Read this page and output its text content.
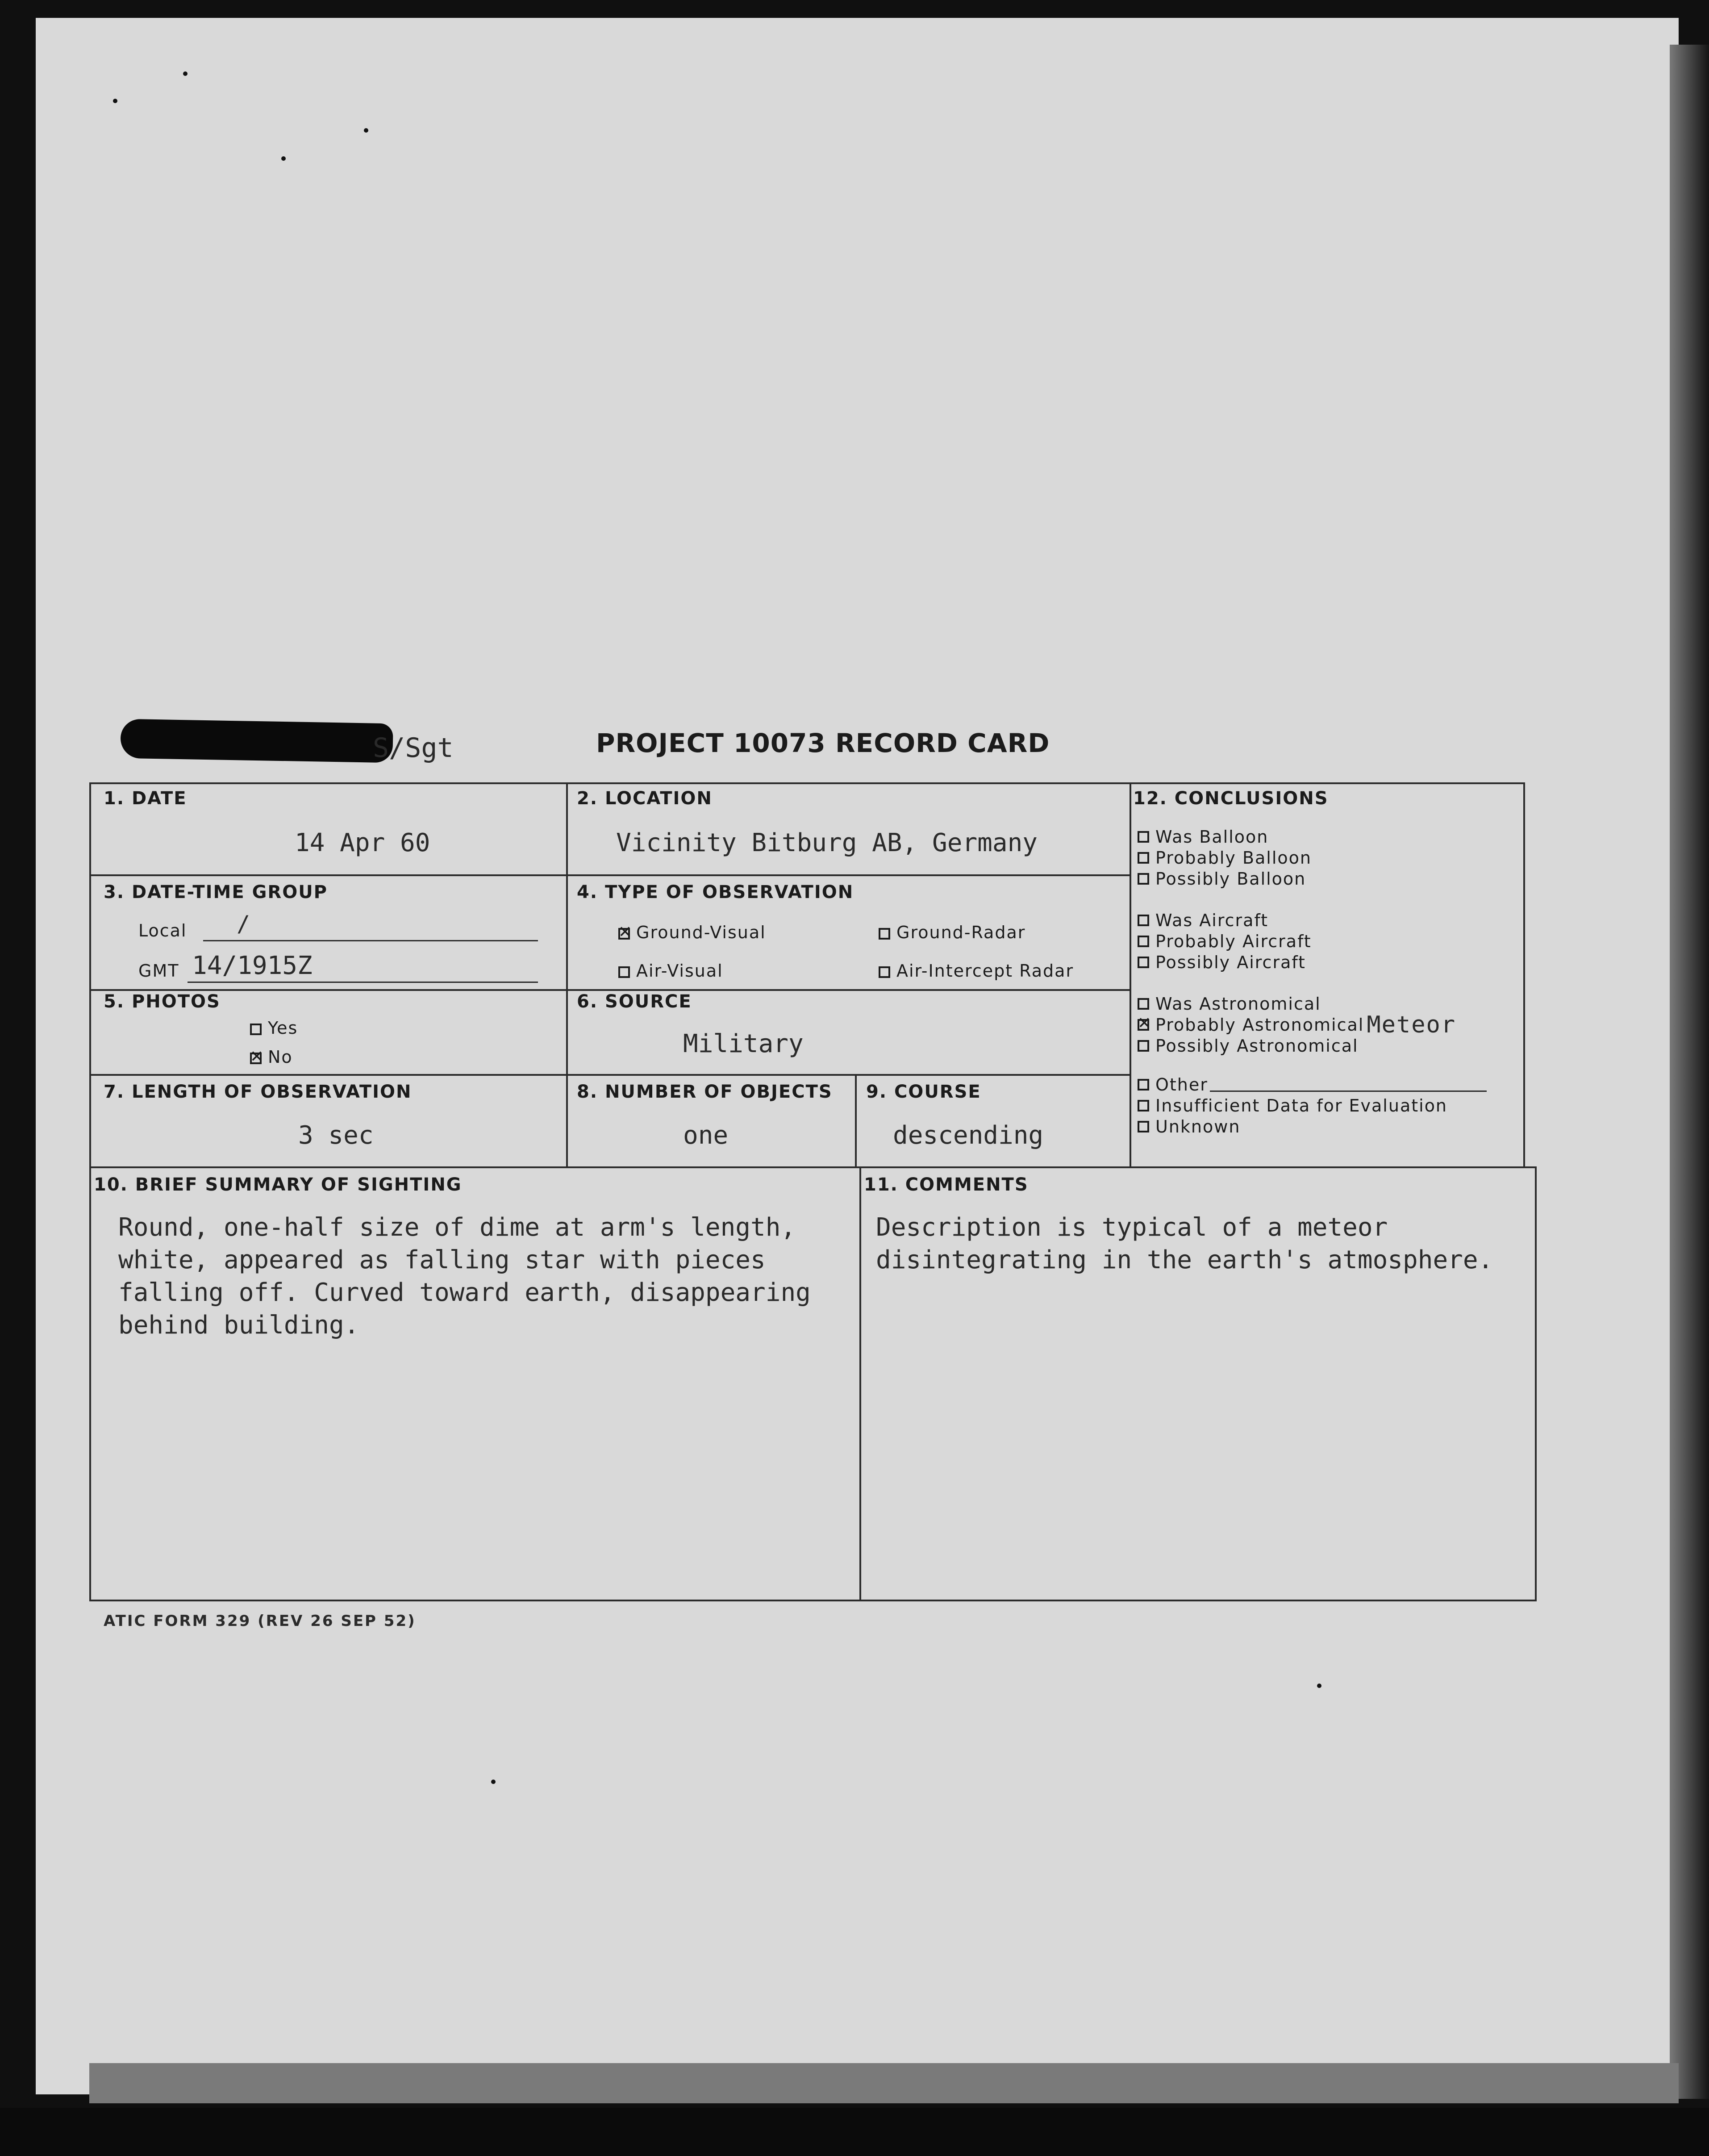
S/Sgt	PROJECT 10073 RECORD CARD
1. DATE
14 Apr 60
2. LOCATION
Vicinity Bitburg AB, Germany
3. DATE-TIME GROUP
Local /
GMT 14/1915Z
4. TYPE OF OBSERVATION
✕Ground-Visual	Ground-Radar
Air-Visual	Air-Intercept Radar
5. PHOTOS
Yes
✕No
6. SOURCE
Military
7. LENGTH OF OBSERVATION
3 sec
8. NUMBER OF OBJECTS
one
9. COURSE
descending
12. CONCLUSIONS
Was Balloon
Probably Balloon
Possibly Balloon
Was Aircraft
Probably Aircraft
Possibly Aircraft
Was Astronomical
✕
Probably Astronomical Meteor
Possibly Astronomical
Other
Insufficient Data for Evaluation
Unknown
10. BRIEF SUMMARY OF SIGHTING
Round, one-half size of dime at arm's length,
white, appeared as falling star with pieces
falling off. Curved toward earth, disappearing
behind building.
11. COMMENTS
Description is typical of a meteor
disintegrating in the earth's atmosphere.
ATIC FORM 329 (REV 26 SEP 52)
